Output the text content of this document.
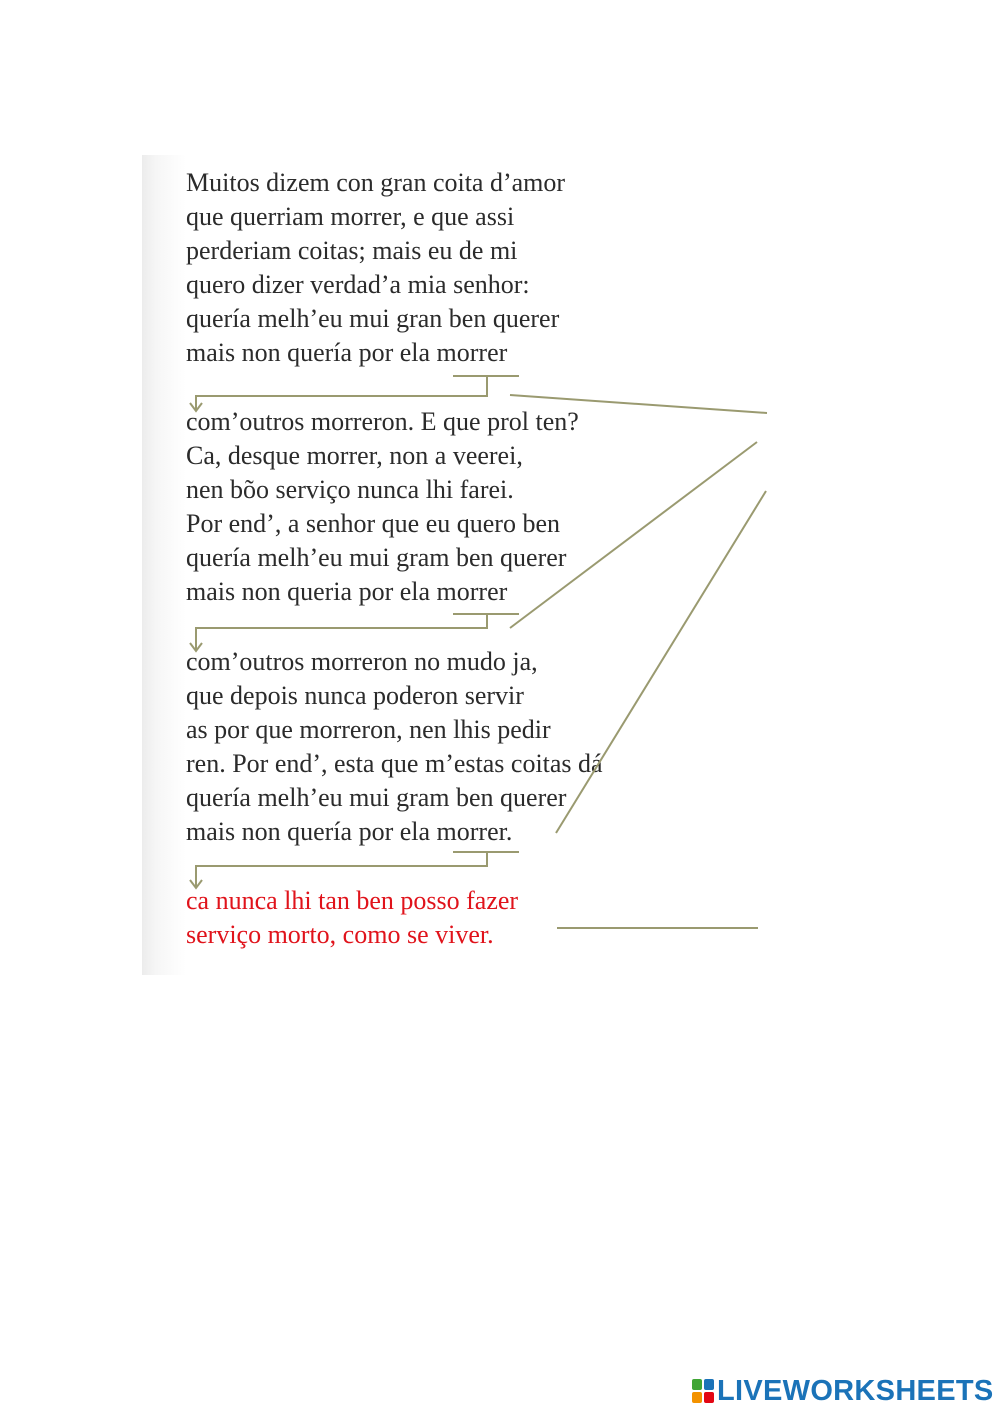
Muitos dizem con gran coita d’amor

que querriam morrer, e que assi

perderiam coitas; mais eu de mi

quero dizer verdad’a mia senhor:

quería melh’eu mui gran ben querer

mais non quería por ela morrer

com’outros morreron. E que prol ten?

Ca, desque morrer, non a veerei,

nen bõo serviço nunca lhi farei.

Por end’, a senhor que eu quero ben

quería melh’eu mui gram ben querer

mais non queria por ela morrer

com’outros morreron no mudo ja,

que depois nunca poderon servir

as por que morreron, nen lhis pedir

ren. Por end’, esta que m’estas coitas dá

quería melh’eu mui gram ben querer

mais non quería por ela morrer.

ca nunca lhi tan ben posso fazer

serviço morto, como se viver.

LIVEWORKSHEETS
